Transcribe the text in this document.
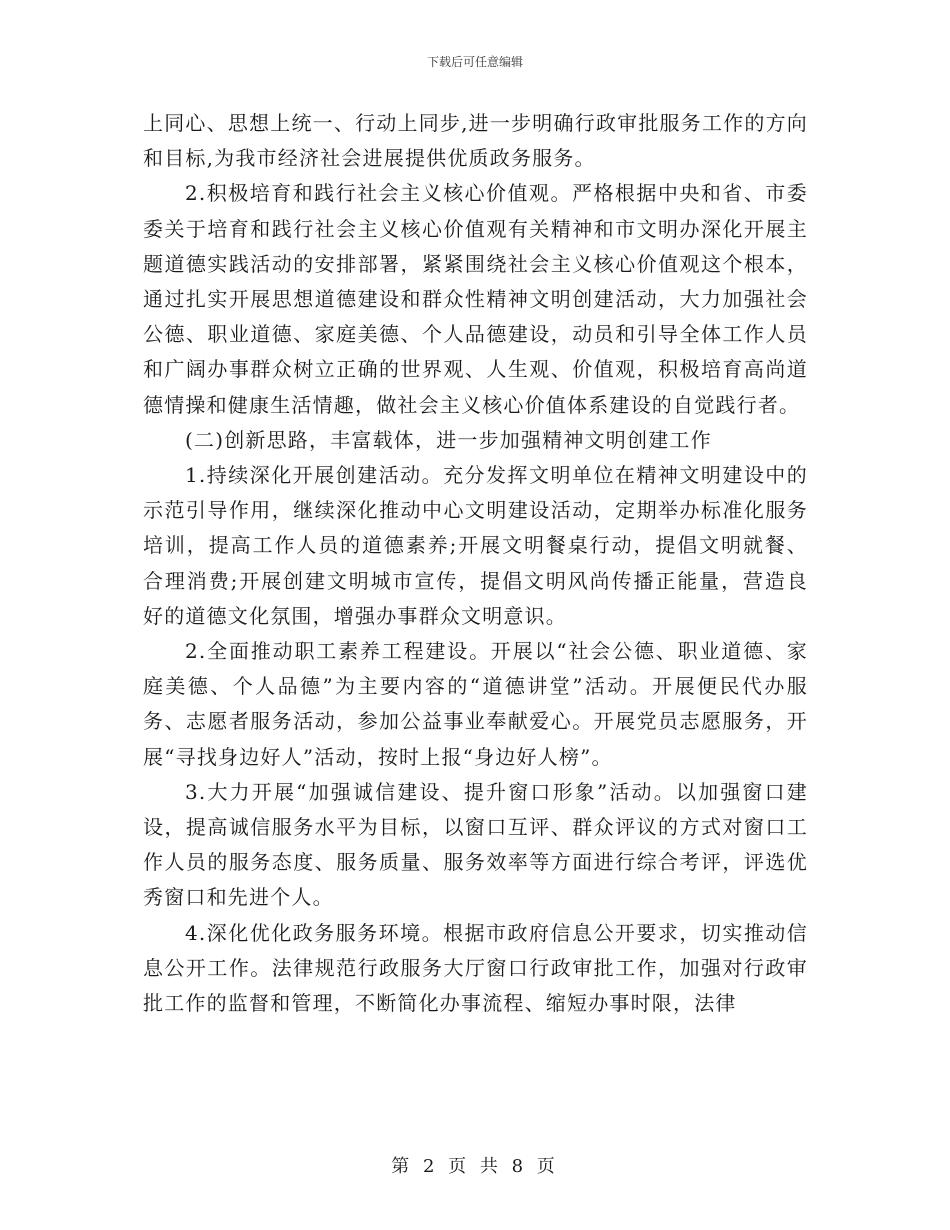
下载后可任意编辑

上同心、思想上统一、行动上同步,进一步明确行政审批服务工作的方向和目标,为我市经济社会进展提供优质政务服务。

2.积极培育和践行社会主义核心价值观。严格根据中央和省、市委委关于培育和践行社会主义核心价值观有关精神和市文明办深化开展主题道德实践活动的安排部署，紧紧围绕社会主义核心价值观这个根本，通过扎实开展思想道德建设和群众性精神文明创建活动，大力加强社会公德、职业道德、家庭美德、个人品德建设，动员和引导全体工作人员和广阔办事群众树立正确的世界观、人生观、价值观，积极培育高尚道德情操和健康生活情趣，做社会主义核心价值体系建设的自觉践行者。

(二)创新思路，丰富载体，进一步加强精神文明创建工作

1.持续深化开展创建活动。充分发挥文明单位在精神文明建设中的示范引导作用，继续深化推动中心文明建设活动，定期举办标准化服务培训，提高工作人员的道德素养;开展文明餐桌行动，提倡文明就餐、合理消费;开展创建文明城市宣传，提倡文明风尚传播正能量，营造良好的道德文化氛围，增强办事群众文明意识。

2.全面推动职工素养工程建设。开展以“社会公德、职业道德、家庭美德、个人品德”为主要内容的“道德讲堂”活动。开展便民代办服务、志愿者服务活动，参加公益事业奉献爱心。开展党员志愿服务，开展“寻找身边好人”活动，按时上报“身边好人榜”。

3.大力开展“加强诚信建设、提升窗口形象”活动。以加强窗口建设，提高诚信服务水平为目标，以窗口互评、群众评议的方式对窗口工作人员的服务态度、服务质量、服务效率等方面进行综合考评，评选优秀窗口和先进个人。

4.深化优化政务服务环境。根据市政府信息公开要求，切实推动信息公开工作。法律规范行政服务大厅窗口行政审批工作，加强对行政审批工作的监督和管理，不断简化办事流程、缩短办事时限，法律

第 2 页 共 8 页
